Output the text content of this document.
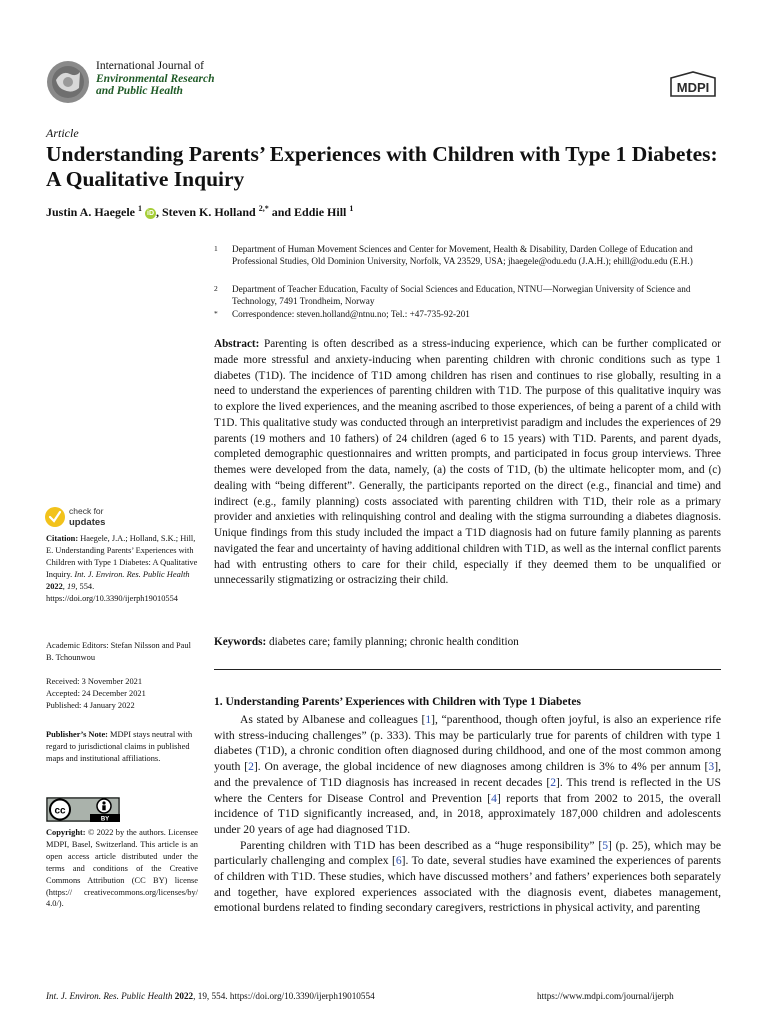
International Journal of
Environmental Research
and Public Health	MDPI
Article
Understanding Parents’ Experiences with Children with Type 1 Diabetes: A Qualitative Inquiry
Justin A. Haegele $^1$ iD , Steven K. Holland $^{2,*}$ and Eddie Hill $^1$
1 Department of Human Movement Sciences and Center for Movement, Health & Disability, Darden College of Education and Professional Studies, Old Dominion University, Norfolk, VA 23529, USA; jhaegele@odu.edu (J.A.H.); ehill@odu.edu (E.H.)
2 Department of Teacher Education, Faculty of Social Sciences and Education, NTNU—Norwegian University of Science and Technology, 7491 Trondheim, Norway
* Correspondence: steven.holland@ntnu.no; Tel.: +47-735-92-201
Abstract: Parenting is often described as a stress-inducing experience, which can be further complicated or made more stressful and anxiety-inducing when parenting children with chronic conditions such as type 1 diabetes (T1D). The incidence of T1D among children has risen and continues to rise globally, resulting in a need to understand the experiences of parenting children with T1D. The purpose of this qualitative inquiry was to explore the lived experiences, and the meaning ascribed to those experiences, of being a parent of a child with T1D. This qualitative study was conducted through an interpretivist paradigm and includes the experiences of 29 parents (19 mothers and 10 fathers) of 24 children (aged 6 to 15 years) with T1D. Parents, and parent dyads, completed demographic questionnaires and written prompts, and participated in focus group interviews. Three themes were developed from the data, namely, (a) the costs of T1D, (b) the ultimate helicopter mom, and (c) dealing with “being different”. Generally, the participants reported on the direct (e.g., financial and time) and indirect (e.g., family planning) costs associated with parenting children with T1D, their role as a primary provider and anxieties with relinquishing control and dealing with the stigma surrounding a diabetes diagnosis. Unique findings from this study included the impact a T1D diagnosis had on future family planning as parents navigated the fear and uncertainty of having additional children with T1D, as well as the internal conflict parents had with entrusting others to care for their child, especially if they deemed them to be unqualified or unnecessarily stigmatizing or ostracizing their child.
Keywords: diabetes care; family planning; chronic health condition
1. Understanding Parents’ Experiences with Children with Type 1 Diabetes

As stated by Albanese and colleagues [1], “parenthood, though often joyful, is also an experience rife with stress-inducing challenges” (p. 333). This may be particularly true for parents of children with type 1 diabetes (T1D), a chronic condition often diagnosed during childhood, and one of the most common among youth [2]. On average, the global incidence of new diagnoses among children is 3% to 4% per annum [3], and the prevalence of T1D diagnosis has increased in recent decades [2]. This trend is reflected in the US where the Centers for Disease Control and Prevention [4] reports that from 2002 to 2015, the overall incidence of T1D significantly increased, and, in 2018, approximately 187,000 children and adolescents under 20 years of age had diagnosed T1D.

Parenting children with T1D has been described as a “huge responsibility” [5] (p. 25), which may be particularly challenging and complex [6]. To date, several studies have examined the experiences of parents of children with T1D. These studies, which have discussed mothers’ and fathers’ experiences both separately and together, have explored experiences associated with the diagnosis event, diabetes management, emotional burdens related to finding secondary caregivers, restrictions in physical activity, and parenting

check for
updates
Citation: Haegele, J.A.; Holland, S.K.; Hill, E. Understanding Parents’ Experiences with Children with Type 1 Diabetes: A Qualitative Inquiry. Int. J. Environ. Res. Public Health 2022, 19, 554. https://doi.org/10.3390/ijerph19010554
Academic Editors: Stefan Nilsson and Paul B. Tchounwou
Received: 3 November 2021
Accepted: 24 December 2021
Published: 4 January 2022
Publisher’s Note: MDPI stays neutral with regard to jurisdictional claims in published maps and institutional affiliations.
cc
BY
Copyright: © 2022 by the authors. Licensee MDPI, Basel, Switzerland. This article is an open access article distributed under the terms and conditions of the Creative Commons Attribution (CC BY) license (https:// creativecommons.org/licenses/by/ 4.0/).
Int. J. Environ. Res. Public Health 2022, 19, 554. https://doi.org/10.3390/ijerph19010554	https://www.mdpi.com/journal/ijerph
